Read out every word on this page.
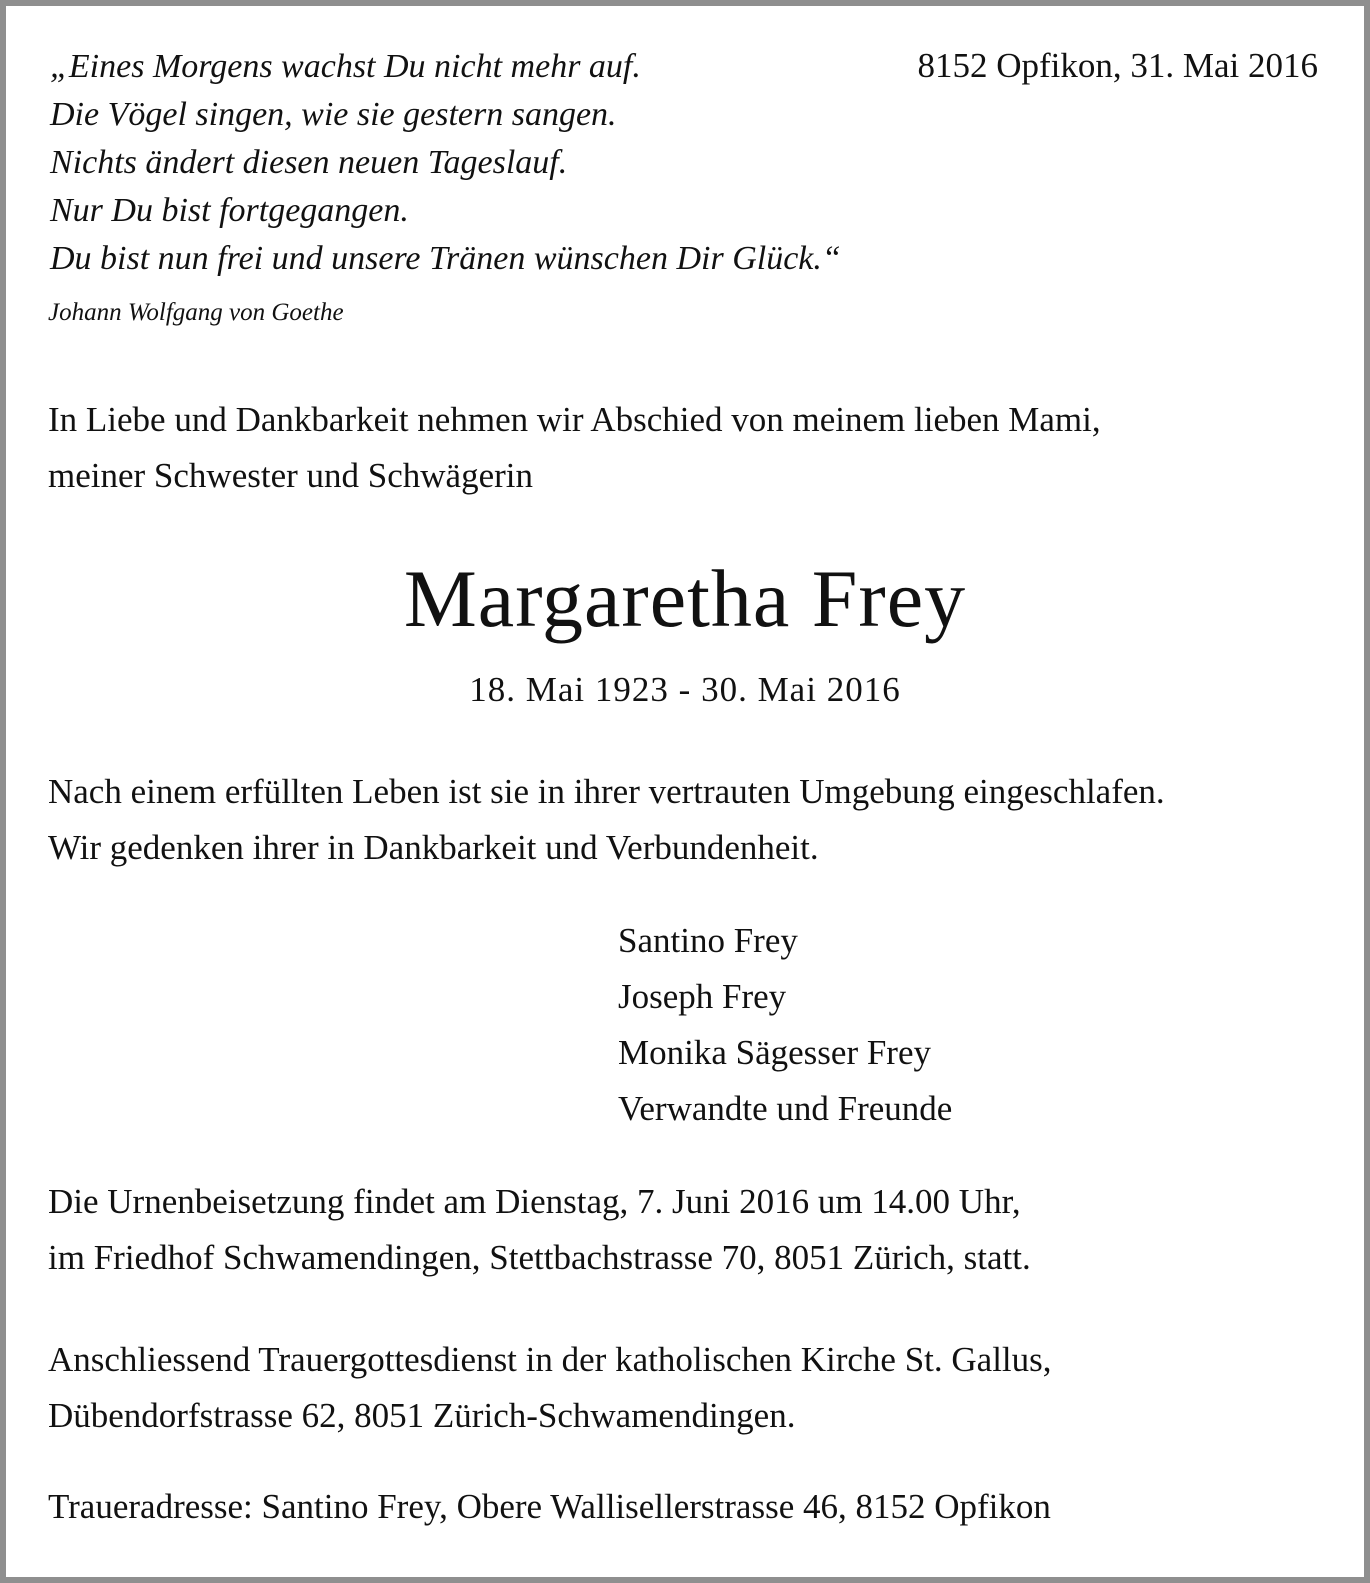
„Eines Morgens wachst Du nicht mehr auf.
Die Vögel singen, wie sie gestern sangen.
Nichts ändert diesen neuen Tageslauf.
Nur Du bist fortgegangen.
Du bist nun frei und unsere Tränen wünschen Dir Glück.“
Johann Wolfgang von Goethe
8152 Opfikon, 31. Mai 2016
In Liebe und Dankbarkeit nehmen wir Abschied von meinem lieben Mami,
meiner Schwester und Schwägerin
Margaretha Frey
18. Mai 1923 - 30. Mai 2016
Nach einem erfüllten Leben ist sie in ihrer vertrauten Umgebung eingeschlafen.
Wir gedenken ihrer in Dankbarkeit und Verbundenheit.
Santino Frey
Joseph Frey
Monika Sägesser Frey
Verwandte und Freunde
Die Urnenbeisetzung findet am Dienstag, 7. Juni 2016 um 14.00 Uhr,
im Friedhof Schwamendingen, Stettbachstrasse 70, 8051 Zürich, statt.
Anschliessend Trauergottesdienst in der katholischen Kirche St. Gallus,
Dübendorfstrasse 62, 8051 Zürich-Schwamendingen.
Traueradresse: Santino Frey, Obere Wallisellerstrasse 46, 8152 Opfikon
